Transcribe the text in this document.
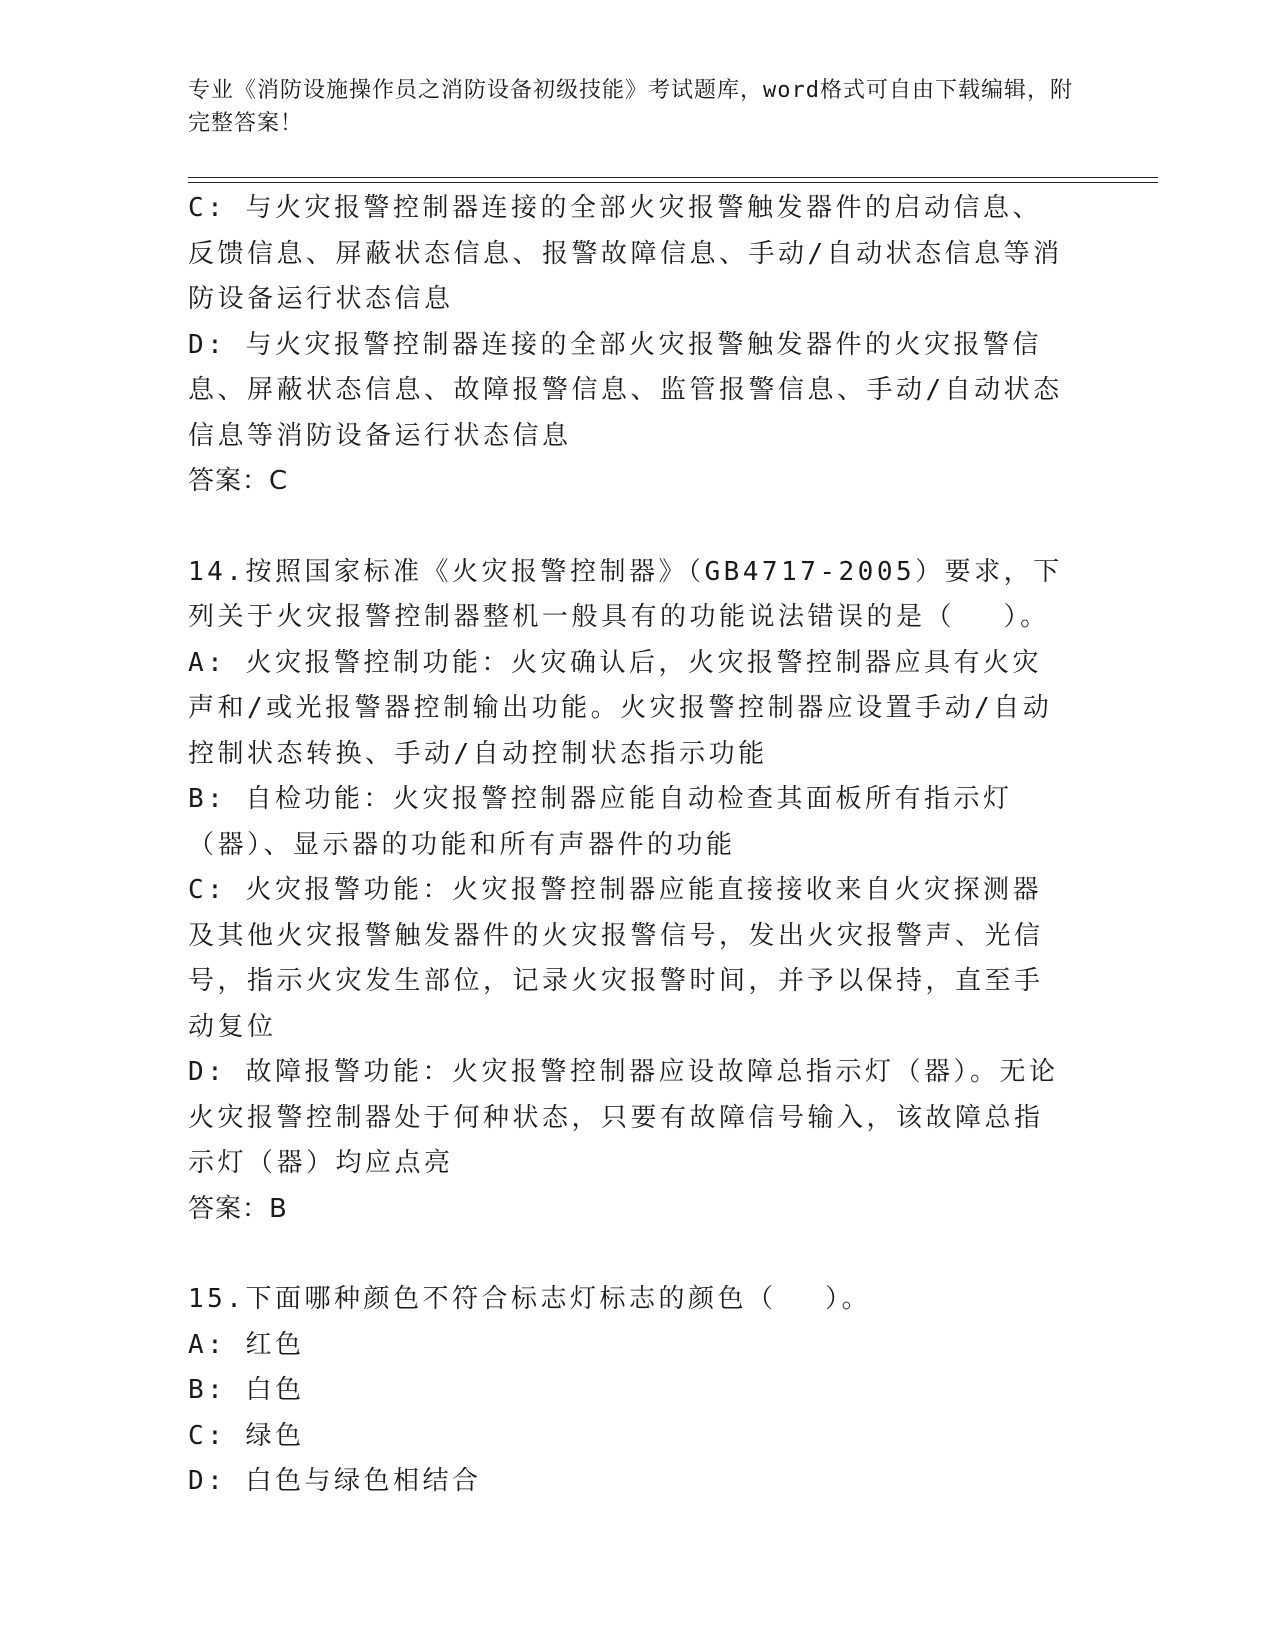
专业《消防设施操作员之消防设备初级技能》考试题库，word格式可自由下载编辑，附完整答案！

C: 与火灾报警控制器连接的全部火灾报警触发器件的启动信息、反馈信息、屏蔽状态信息、报警故障信息、手动/自动状态信息等消防设备运行状态信息

D: 与火灾报警控制器连接的全部火灾报警触发器件的火灾报警信息、屏蔽状态信息、故障报警信息、监管报警信息、手动/自动状态信息等消防设备运行状态信息

答案：C

14.按照国家标准《火灾报警控制器》（GB4717-2005）要求，下列关于火灾报警控制器整机一般具有的功能说法错误的是（　 ）。

A: 火灾报警控制功能：火灾确认后，火灾报警控制器应具有火灾声和/或光报警器控制输出功能。火灾报警控制器应设置手动/自动控制状态转换、手动/自动控制状态指示功能

B: 自检功能：火灾报警控制器应能自动检查其面板所有指示灯（器）、显示器的功能和所有声器件的功能

C: 火灾报警功能：火灾报警控制器应能直接接收来自火灾探测器及其他火灾报警触发器件的火灾报警信号，发出火灾报警声、光信号，指示火灾发生部位，记录火灾报警时间，并予以保持，直至手动复位

D: 故障报警功能：火灾报警控制器应设故障总指示灯（器）。无论火灾报警控制器处于何种状态，只要有故障信号输入，该故障总指示灯（器）均应点亮

答案：B

15.下面哪种颜色不符合标志灯标志的颜色（　 ）。

A: 红色

B: 白色

C: 绿色

D: 白色与绿色相结合
